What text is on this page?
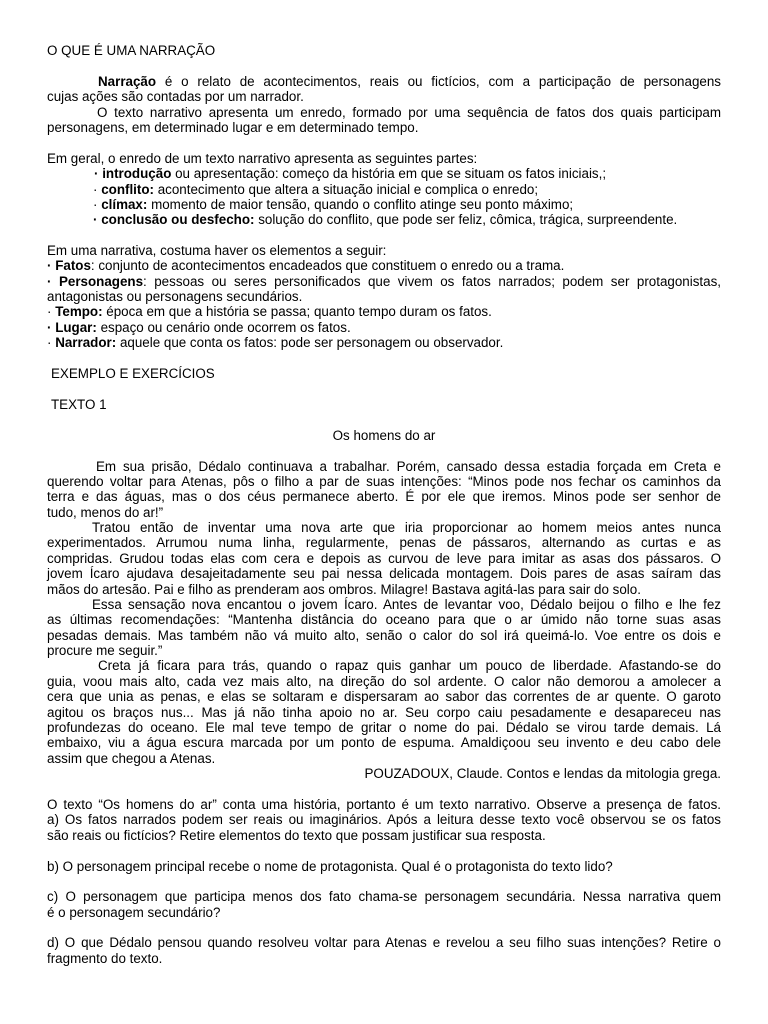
O QUE É UMA NARRAÇÃO
Narração é o relato de acontecimentos, reais ou fictícios, com a participação de personagens
cujas ações são contadas por um narrador.
O texto narrativo apresenta um enredo, formado por uma sequência de fatos dos quais participam
personagens, em determinado lugar e em determinado tempo.
Em geral, o enredo de um texto narrativo apresenta as seguintes partes:
· introdução ou apresentação: começo da história em que se situam os fatos iniciais,;
· conflito: acontecimento que altera a situação inicial e complica o enredo;
· clímax: momento de maior tensão, quando o conflito atinge seu ponto máximo;
· conclusão ou desfecho: solução do conflito, que pode ser feliz, cômica, trágica, surpreendente.
Em uma narrativa, costuma haver os elementos a seguir:
· Fatos: conjunto de acontecimentos encadeados que constituem o enredo ou a trama.
· Personagens: pessoas ou seres personificados que vivem os fatos narrados; podem ser protagonistas,
antagonistas ou personagens secundários.
· Tempo: época em que a história se passa; quanto tempo duram os fatos.
· Lugar: espaço ou cenário onde ocorrem os fatos.
· Narrador: aquele que conta os fatos: pode ser personagem ou observador.
EXEMPLO E EXERCÍCIOS
TEXTO 1
Os homens do ar
Em sua prisão, Dédalo continuava a trabalhar. Porém, cansado dessa estadia forçada em Creta e
querendo voltar para Atenas, pôs o filho a par de suas intenções: “Minos pode nos fechar os caminhos da
terra e das águas, mas o dos céus permanece aberto. É por ele que iremos. Minos pode ser senhor de
tudo, menos do ar!”
Tratou então de inventar uma nova arte que iria proporcionar ao homem meios antes nunca
experimentados. Arrumou numa linha, regularmente, penas de pássaros, alternando as curtas e as
compridas. Grudou todas elas com cera e depois as curvou de leve para imitar as asas dos pássaros. O
jovem Ícaro ajudava desajeitadamente seu pai nessa delicada montagem. Dois pares de asas saíram das
mãos do artesão. Pai e filho as prenderam aos ombros. Milagre! Bastava agitá-las para sair do solo.
Essa sensação nova encantou o jovem Ícaro. Antes de levantar voo, Dédalo beijou o filho e lhe fez
as últimas recomendações: “Mantenha distância do oceano para que o ar úmido não torne suas asas
pesadas demais. Mas também não vá muito alto, senão o calor do sol irá queimá-lo. Voe entre os dois e
procure me seguir.”
Creta já ficara para trás, quando o rapaz quis ganhar um pouco de liberdade. Afastando-se do
guia, voou mais alto, cada vez mais alto, na direção do sol ardente. O calor não demorou a amolecer a
cera que unia as penas, e elas se soltaram e dispersaram ao sabor das correntes de ar quente. O garoto
agitou os braços nus... Mas já não tinha apoio no ar. Seu corpo caiu pesadamente e desapareceu nas
profundezas do oceano. Ele mal teve tempo de gritar o nome do pai. Dédalo se virou tarde demais. Lá
embaixo, viu a água escura marcada por um ponto de espuma. Amaldiçoou seu invento e deu cabo dele
assim que chegou a Atenas.
POUZADOUX, Claude. Contos e lendas da mitologia grega.
O texto “Os homens do ar” conta uma história, portanto é um texto narrativo. Observe a presença de fatos.
a) Os fatos narrados podem ser reais ou imaginários. Após a leitura desse texto você observou se os fatos
são reais ou fictícios? Retire elementos do texto que possam justificar sua resposta.
b) O personagem principal recebe o nome de protagonista. Qual é o protagonista do texto lido?
c) O personagem que participa menos dos fato chama-se personagem secundária. Nessa narrativa quem
é o personagem secundário?
d) O que Dédalo pensou quando resolveu voltar para Atenas e revelou a seu filho suas intenções? Retire o
fragmento do texto.
